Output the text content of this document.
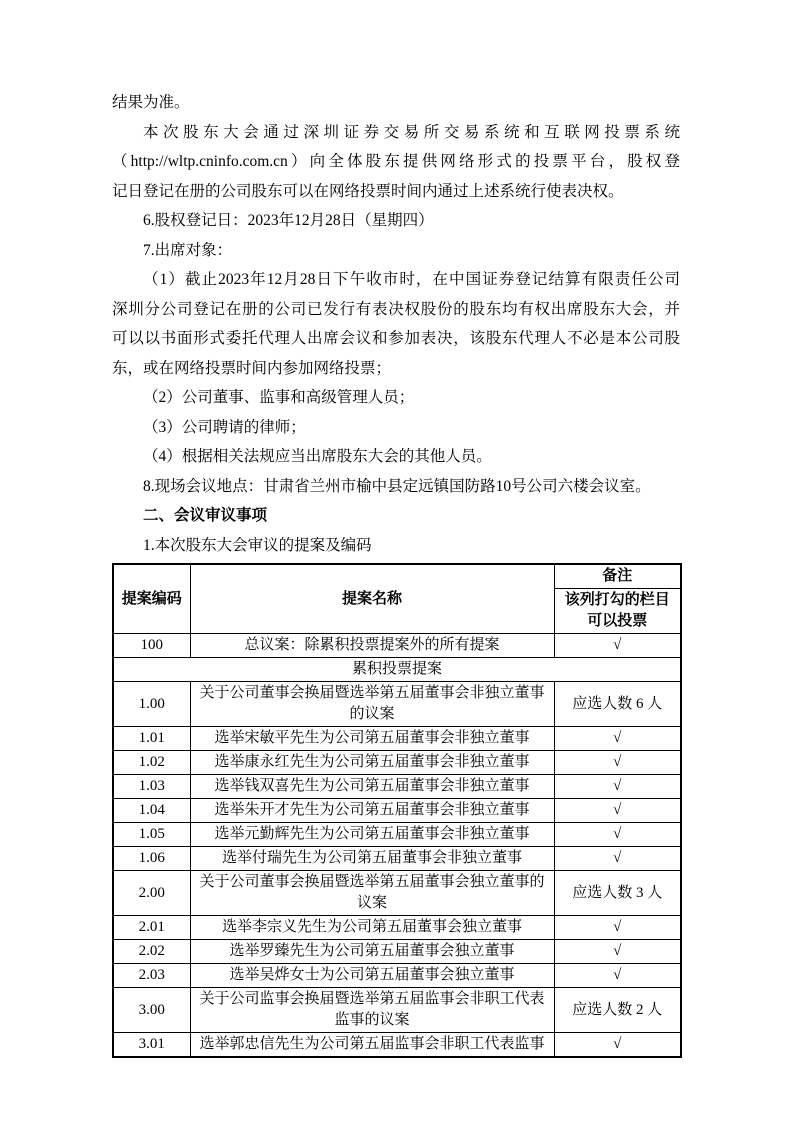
结果为准。
本次股东大会通过深圳证券交易所交易系统和互联网投票系统
（http://wltp.cninfo.com.cn）向全体股东提供网络形式的投票平台，股权登
记日登记在册的公司股东可以在网络投票时间内通过上述系统行使表决权。
6.股权登记日：2023年12月28日（星期四）
7.出席对象：
（1）截止2023年12月28日下午收市时，在中国证券登记结算有限责任公司
深圳分公司登记在册的公司已发行有表决权股份的股东均有权出席股东大会，并
可以以书面形式委托代理人出席会议和参加表决，该股东代理人不必是本公司股
东，或在网络投票时间内参加网络投票；
（2）公司董事、监事和高级管理人员；
（3）公司聘请的律师；
（4）根据相关法规应当出席股东大会的其他人员。
8.现场会议地点：甘肃省兰州市榆中县定远镇国防路10号公司六楼会议室。
二、会议审议事项
1.本次股东大会审议的提案及编码
提案编码	提案名称	备注
		该列打勾的栏目
可以投票
100	总议案：除累积投票提案外的所有提案	√
累积投票提案		
1.00	关于公司董事会换届暨选举第五届董事会非独立董事的议案	应选人数 6 人
1.01	选举宋敏平先生为公司第五届董事会非独立董事	√
1.02	选举康永红先生为公司第五届董事会非独立董事	√
1.03	选举钱双喜先生为公司第五届董事会非独立董事	√
1.04	选举朱开才先生为公司第五届董事会非独立董事	√
1.05	选举元勤辉先生为公司第五届董事会非独立董事	√
1.06	选举付瑞先生为公司第五届董事会非独立董事	√
2.00	关于公司董事会换届暨选举第五届董事会独立董事的议案	应选人数 3 人
2.01	选举李宗义先生为公司第五届董事会独立董事	√
2.02	选举罗臻先生为公司第五届董事会独立董事	√
2.03	选举吴烨女士为公司第五届董事会独立董事	√
3.00	关于公司监事会换届暨选举第五届监事会非职工代表监事的议案	应选人数 2 人
3.01	选举郭忠信先生为公司第五届监事会非职工代表监事	√
